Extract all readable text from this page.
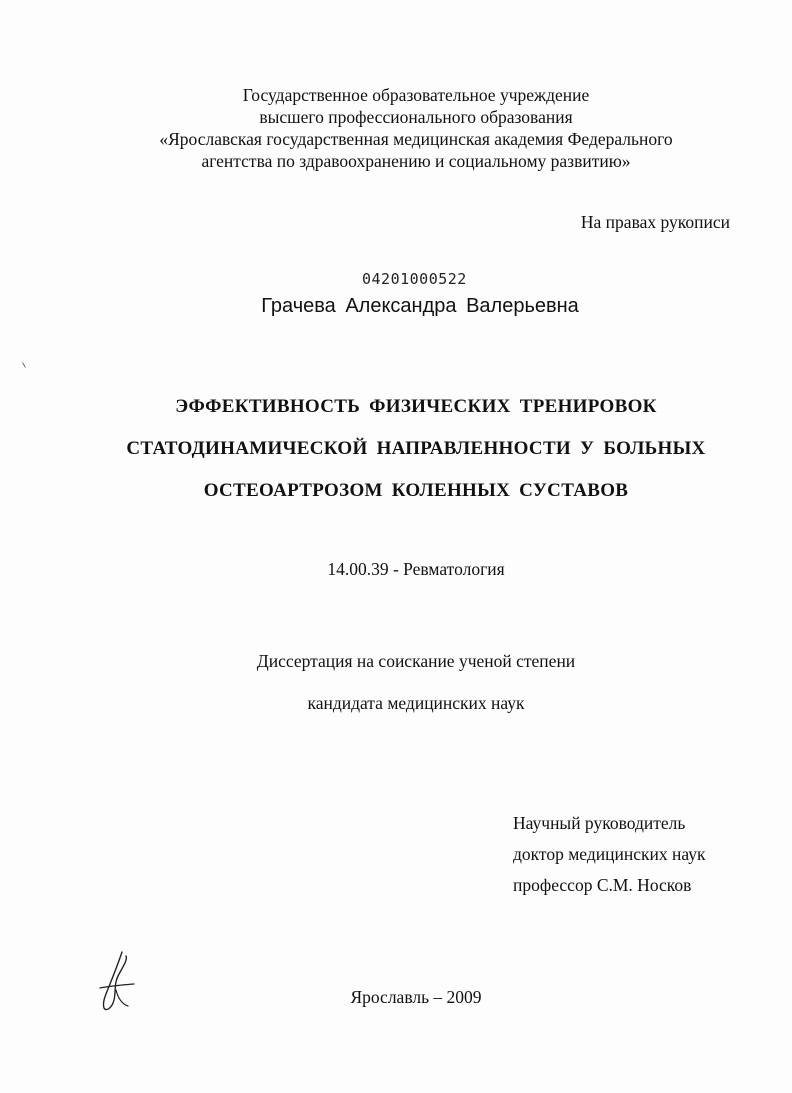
Государственное образовательное учреждение
высшего профессионального образования
«Ярославская государственная медицинская академия Федерального
агентства по здравоохранению и социальному развитию»
На правах рукописи
04201000522
Грачева Александра Валерьевна
ЭФФЕКТИВНОСТЬ ФИЗИЧЕСКИХ ТРЕНИРОВОК
СТАТОДИНАМИЧЕСКОЙ НАПРАВЛЕННОСТИ У БОЛЬНЫХ
ОСТЕОАРТРОЗОМ КОЛЕННЫХ СУСТАВОВ
14.00.39 - Ревматология
Диссертация на соискание ученой степени
кандидата медицинских наук
Научный руководитель
доктор медицинских наук
профессор С.М. Носков
Ярославль – 2009
